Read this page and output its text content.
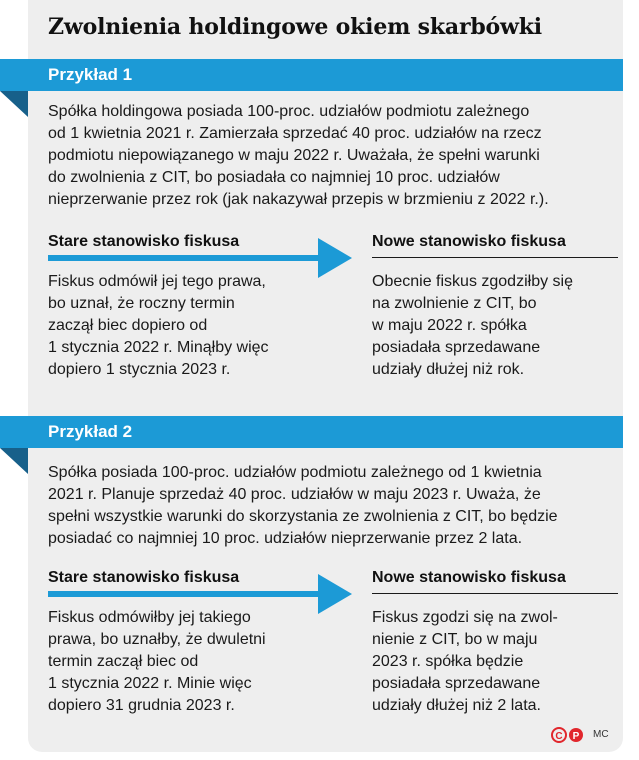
Zwolnienia holdingowe okiem skarbówki
Przykład 1
Spółka holdingowa posiada 100-proc. udziałów podmiotu zależnego
od 1 kwietnia 2021 r. Zamierzała sprzedać 40 proc. udziałów na rzecz
podmiotu niepowiązanego w maju 2022 r. Uważała, że spełni warunki
do zwolnienia z CIT, bo posiadała co najmniej 10 proc. udziałów
nieprzerwanie przez rok (jak nakazywał przepis w brzmieniu z 2022 r.).
Stare stanowisko fiskusa	Nowe stanowisko fiskusa
Fiskus odmówił jej tego prawa,
bo uznał, że roczny termin
zaczął biec dopiero od
1 stycznia 2022 r. Minąłby więc
dopiero 1 stycznia 2023 r.
Obecnie fiskus zgodziłby się
na zwolnienie z CIT, bo
w maju 2022 r. spółka
posiadała sprzedawane
udziały dłużej niż rok.
Przykład 2
Spółka posiada 100-proc. udziałów podmiotu zależnego od 1 kwietnia
2021 r. Planuje sprzedaż 40 proc. udziałów w maju 2023 r. Uważa, że
spełni wszystkie warunki do skorzystania ze zwolnienia z CIT, bo będzie
posiadać co najmniej 10 proc. udziałów nieprzerwanie przez 2 lata.
Stare stanowisko fiskusa	Nowe stanowisko fiskusa
Fiskus odmówiłby jej takiego
prawa, bo uznałby, że dwuletni
termin zaczął biec od
1 stycznia 2022 r. Minie więc
dopiero 31 grudnia 2023 r.
Fiskus zgodzi się na zwol-
nienie z CIT, bo w maju
2023 r. spółka będzie
posiadała sprzedawane
udziały dłużej niż 2 lata.
C P MC
